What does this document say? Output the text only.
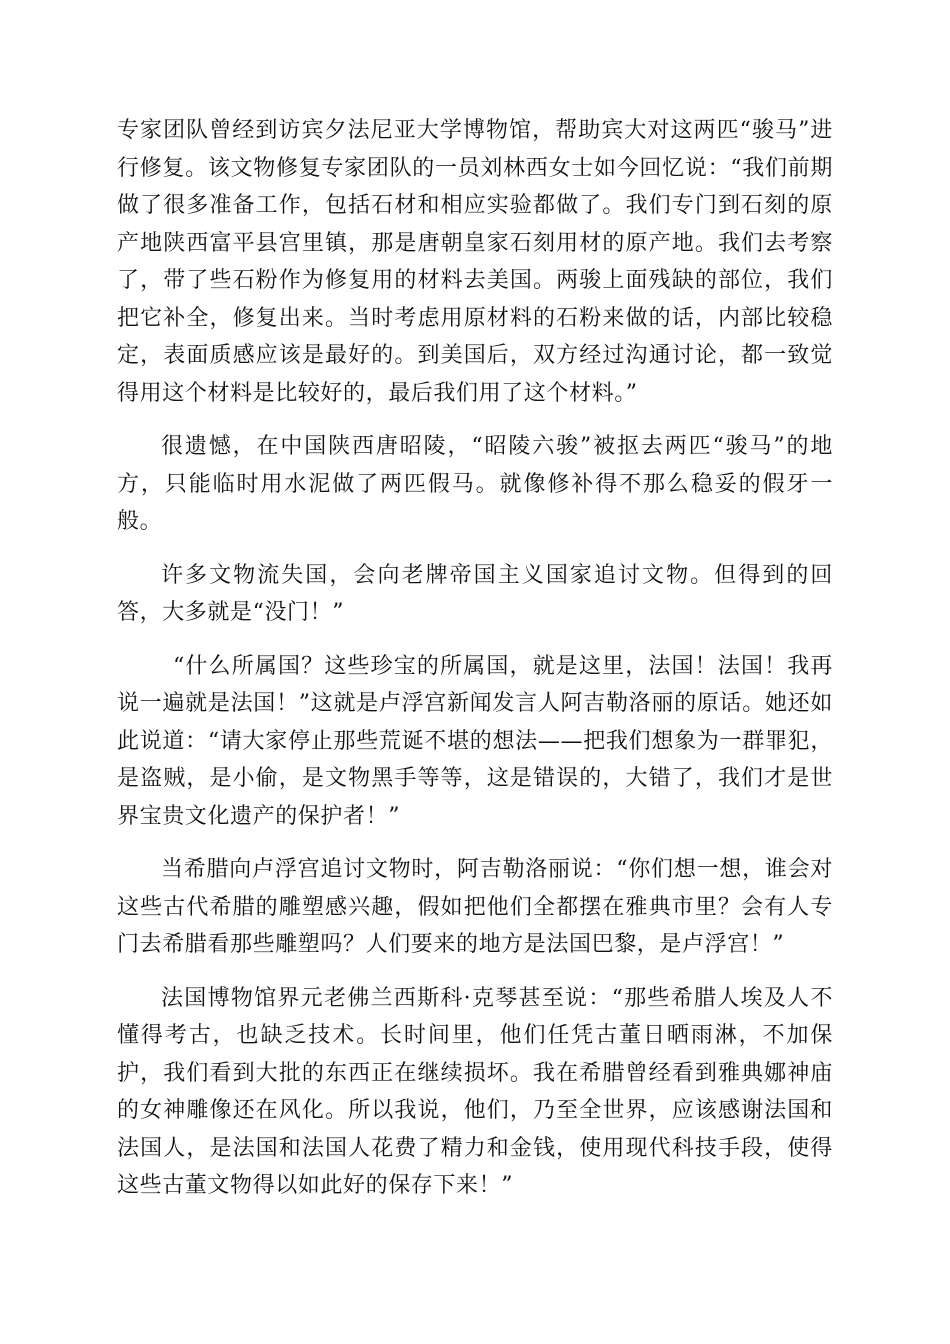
专家团队曾经到访宾夕法尼亚大学博物馆，帮助宾大对这两匹“骏马”进行修复。该文物修复专家团队的一员刘林西女士如今回忆说：“我们前期做了很多准备工作，包括石材和相应实验都做了。我们专门到石刻的原产地陕西富平县宫里镇，那是唐朝皇家石刻用材的原产地。我们去考察了，带了些石粉作为修复用的材料去美国。两骏上面残缺的部位，我们把它补全，修复出来。当时考虑用原材料的石粉来做的话，内部比较稳定，表面质感应该是最好的。到美国后，双方经过沟通讨论，都一致觉得用这个材料是比较好的，最后我们用了这个材料。”

很遗憾，在中国陕西唐昭陵，“昭陵六骏”被抠去两匹“骏马”的地方，只能临时用水泥做了两匹假马。就像修补得不那么稳妥的假牙一般。

许多文物流失国，会向老牌帝国主义国家追讨文物。但得到的回答，大多就是“没门！”

“什么所属国？这些珍宝的所属国，就是这里，法国！法国！我再说一遍就是法国！”这就是卢浮宫新闻发言人阿吉勒洛丽的原话。她还如此说道：“请大家停止那些荒诞不堪的想法——把我们想象为一群罪犯，是盗贼，是小偷，是文物黑手等等，这是错误的，大错了，我们才是世界宝贵文化遗产的保护者！”

当希腊向卢浮宫追讨文物时，阿吉勒洛丽说：“你们想一想，谁会对这些古代希腊的雕塑感兴趣，假如把他们全都摆在雅典市里？会有人专门去希腊看那些雕塑吗？人们要来的地方是法国巴黎，是卢浮宫！”

法国博物馆界元老佛兰西斯科·克琴甚至说：“那些希腊人埃及人不懂得考古，也缺乏技术。长时间里，他们任凭古董日晒雨淋，不加保护，我们看到大批的东西正在继续损坏。我在希腊曾经看到雅典娜神庙的女神雕像还在风化。所以我说，他们，乃至全世界，应该感谢法国和法国人，是法国和法国人花费了精力和金钱，使用现代科技手段，使得这些古董文物得以如此好的保存下来！”
